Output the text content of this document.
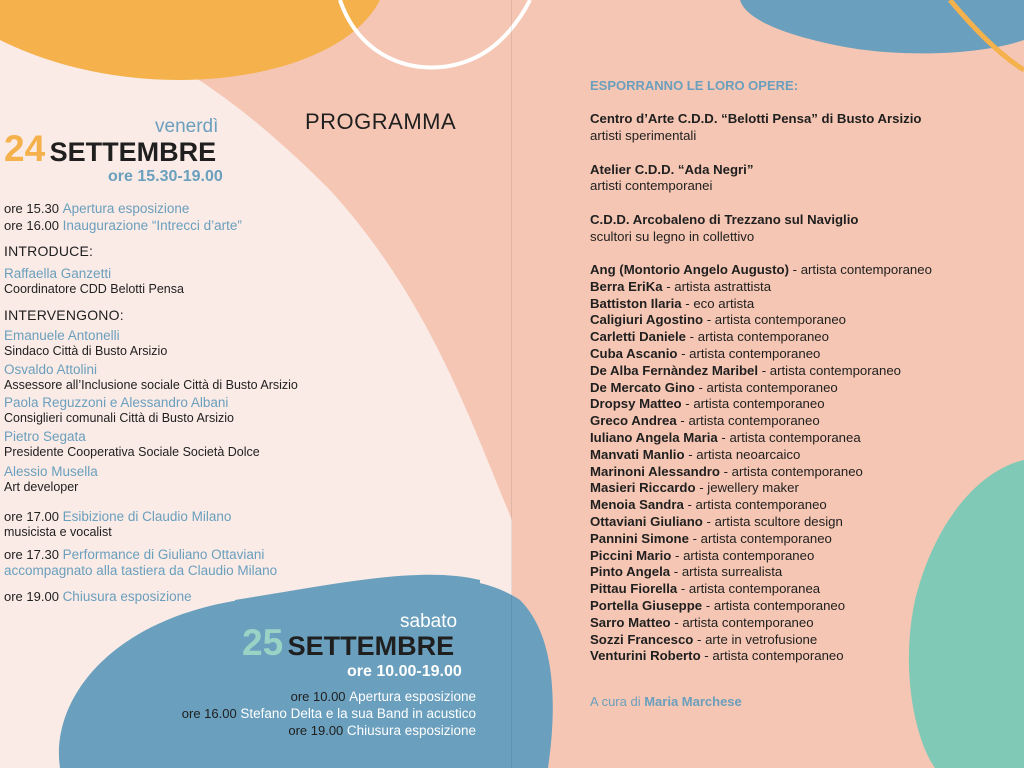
PROGRAMMA
venerdì
24 SETTEMBRE
ore 15.30-19.00
ore 15.30 Apertura esposizione
ore 16.00 Inaugurazione “Intrecci d’arte”
INTRODUCE:
Raffaella Ganzetti
Coordinatore CDD Belotti Pensa
INTERVENGONO:
Emanuele Antonelli
Sindaco Città di Busto Arsizio
Osvaldo Attolini
Assessore all’Inclusione sociale Città di Busto Arsizio
Paola Reguzzoni e Alessandro Albani
Consiglieri comunali Città di Busto Arsizio
Pietro Segata
Presidente Cooperativa Sociale Società Dolce
Alessio Musella
Art developer
ore 17.00 Esibizione di Claudio Milano
musicista e vocalist
ore 17.30 Performance di Giuliano Ottaviani
accompagnato alla tastiera da Claudio Milano
ore 19.00 Chiusura esposizione
sabato
25 SETTEMBRE
ore 10.00-19.00
ore 10.00 Apertura esposizione
ore 16.00 Stefano Delta e la sua Band in acustico
ore 19.00 Chiusura esposizione
ESPORRANNO LE LORO OPERE:
Centro d’Arte C.D.D. “Belotti Pensa” di Busto Arsizio
artisti sperimentali
Atelier C.D.D. “Ada Negri”
artisti contemporanei
C.D.D. Arcobaleno di Trezzano sul Naviglio
scultori su legno in collettivo
Ang (Montorio Angelo Augusto) - artista contemporaneo
Berra EriKa - artista astrattista
Battiston Ilaria - eco artista
Caligiuri Agostino - artista contemporaneo
Carletti Daniele - artista contemporaneo
Cuba Ascanio - artista contemporaneo
De Alba Fernàndez Maribel - artista contemporaneo
De Mercato Gino - artista contemporaneo
Dropsy Matteo - artista contemporaneo
Greco Andrea - artista contemporaneo
Iuliano Angela Maria - artista contemporanea
Manvati Manlio - artista neoarcaico
Marinoni Alessandro - artista contemporaneo
Masieri Riccardo - jewellery maker
Menoia Sandra - artista contemporaneo
Ottaviani Giuliano - artista scultore design
Pannini Simone - artista contemporaneo
Piccini Mario - artista contemporaneo
Pinto Angela - artista surrealista
Pittau Fiorella - artista contemporanea
Portella Giuseppe - artista contemporaneo
Sarro Matteo - artista contemporaneo
Sozzi Francesco - arte in vetrofusione
Venturini Roberto - artista contemporaneo
A cura di Maria Marchese
